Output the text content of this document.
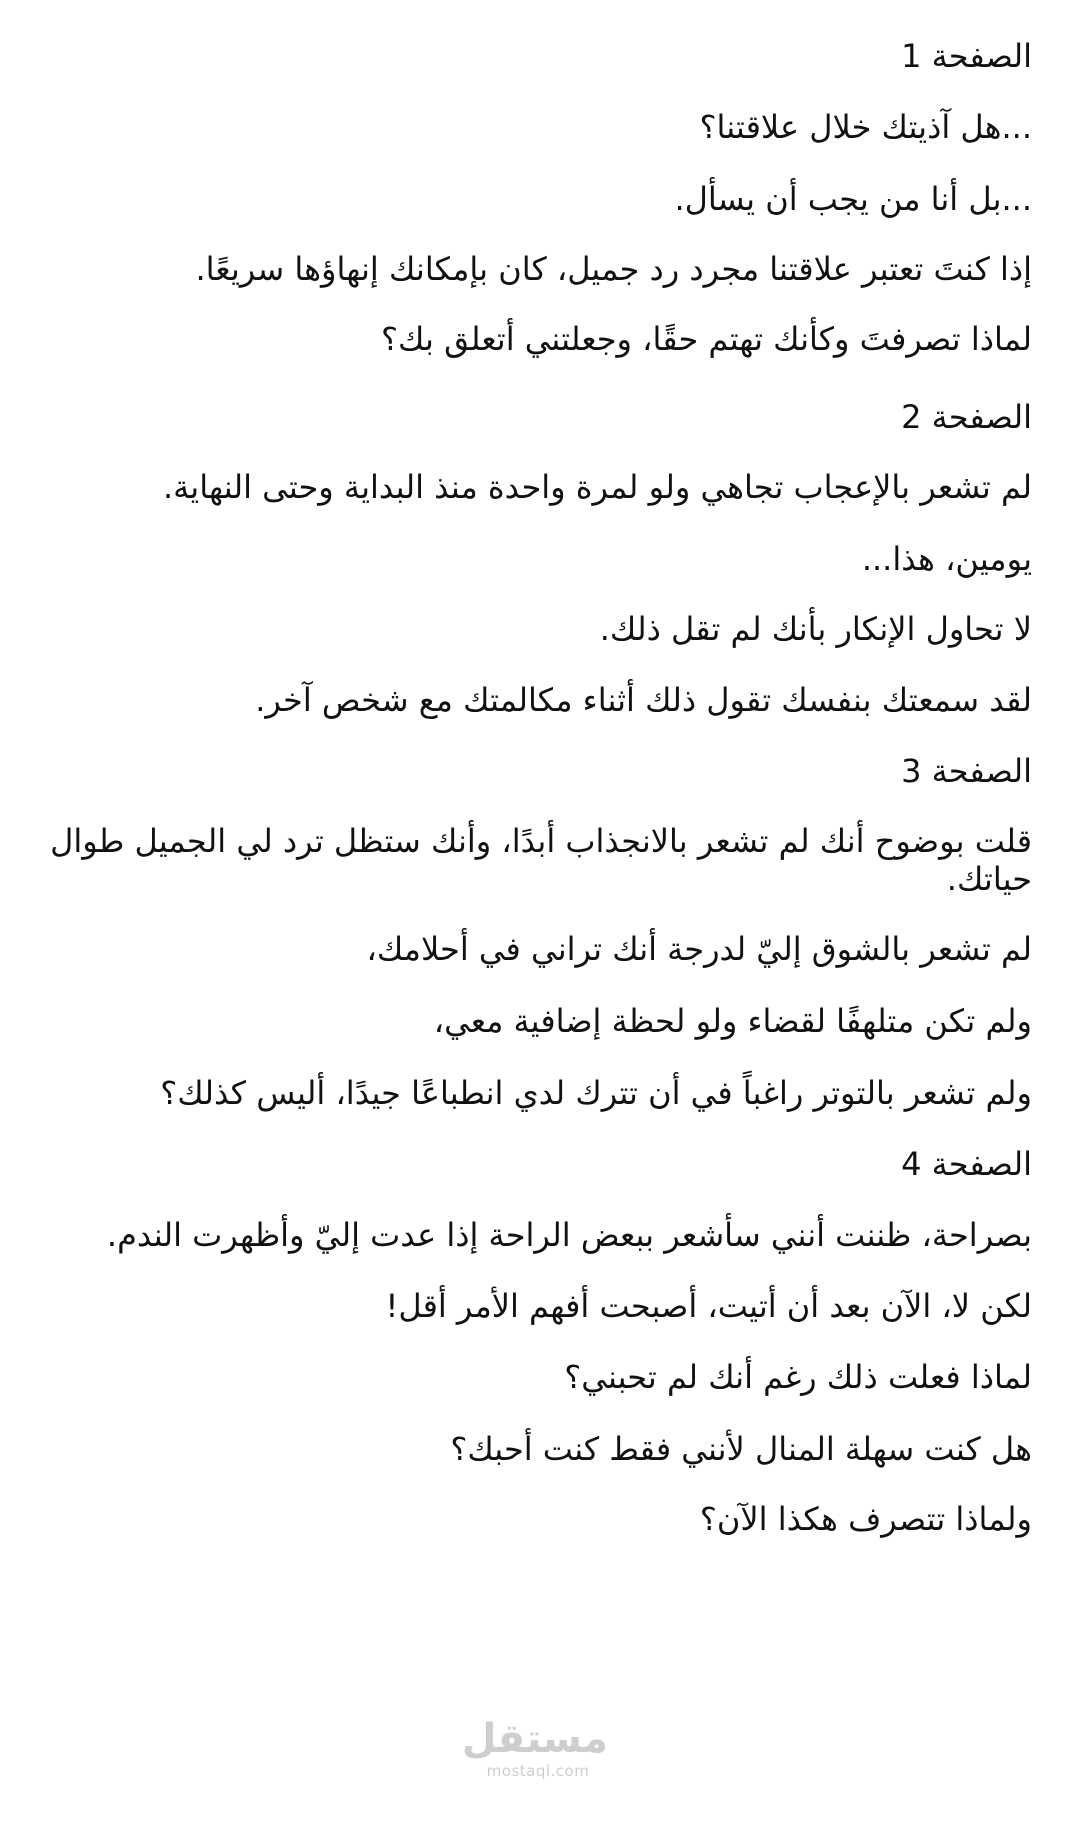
الصفحة 1
...هل آذيتك خلال علاقتنا؟
...بل أنا من يجب أن يسأل.
إذا كنتَ تعتبر علاقتنا مجرد رد جميل، كان بإمكانك إنهاؤها سريعًا.
لماذا تصرفتَ وكأنك تهتم حقًا، وجعلتني أتعلق بك؟
الصفحة 2
لم تشعر بالإعجاب تجاهي ولو لمرة واحدة منذ البداية وحتى النهاية.
يومين، هذا...
لا تحاول الإنكار بأنك لم تقل ذلك.
لقد سمعتك بنفسك تقول ذلك أثناء مكالمتك مع شخص آخر.
الصفحة 3
قلت بوضوح أنك لم تشعر بالانجذاب أبدًا، وأنك ستظل ترد لي الجميل طوال حياتك.
لم تشعر بالشوق إليّ لدرجة أنك تراني في أحلامك،
ولم تكن متلهفًا لقضاء ولو لحظة إضافية معي،
ولم تشعر بالتوتر راغباً في أن تترك لدي انطباعًا جيدًا، أليس كذلك؟
الصفحة 4
بصراحة، ظننت أنني سأشعر ببعض الراحة إذا عدت إليّ وأظهرت الندم.
لكن لا، الآن بعد أن أتيت، أصبحت أفهم الأمر أقل!
لماذا فعلت ذلك رغم أنك لم تحبني؟
هل كنت سهلة المنال لأنني فقط كنت أحبك؟
ولماذا تتصرف هكذا الآن؟
مستقل
mostaql.com
